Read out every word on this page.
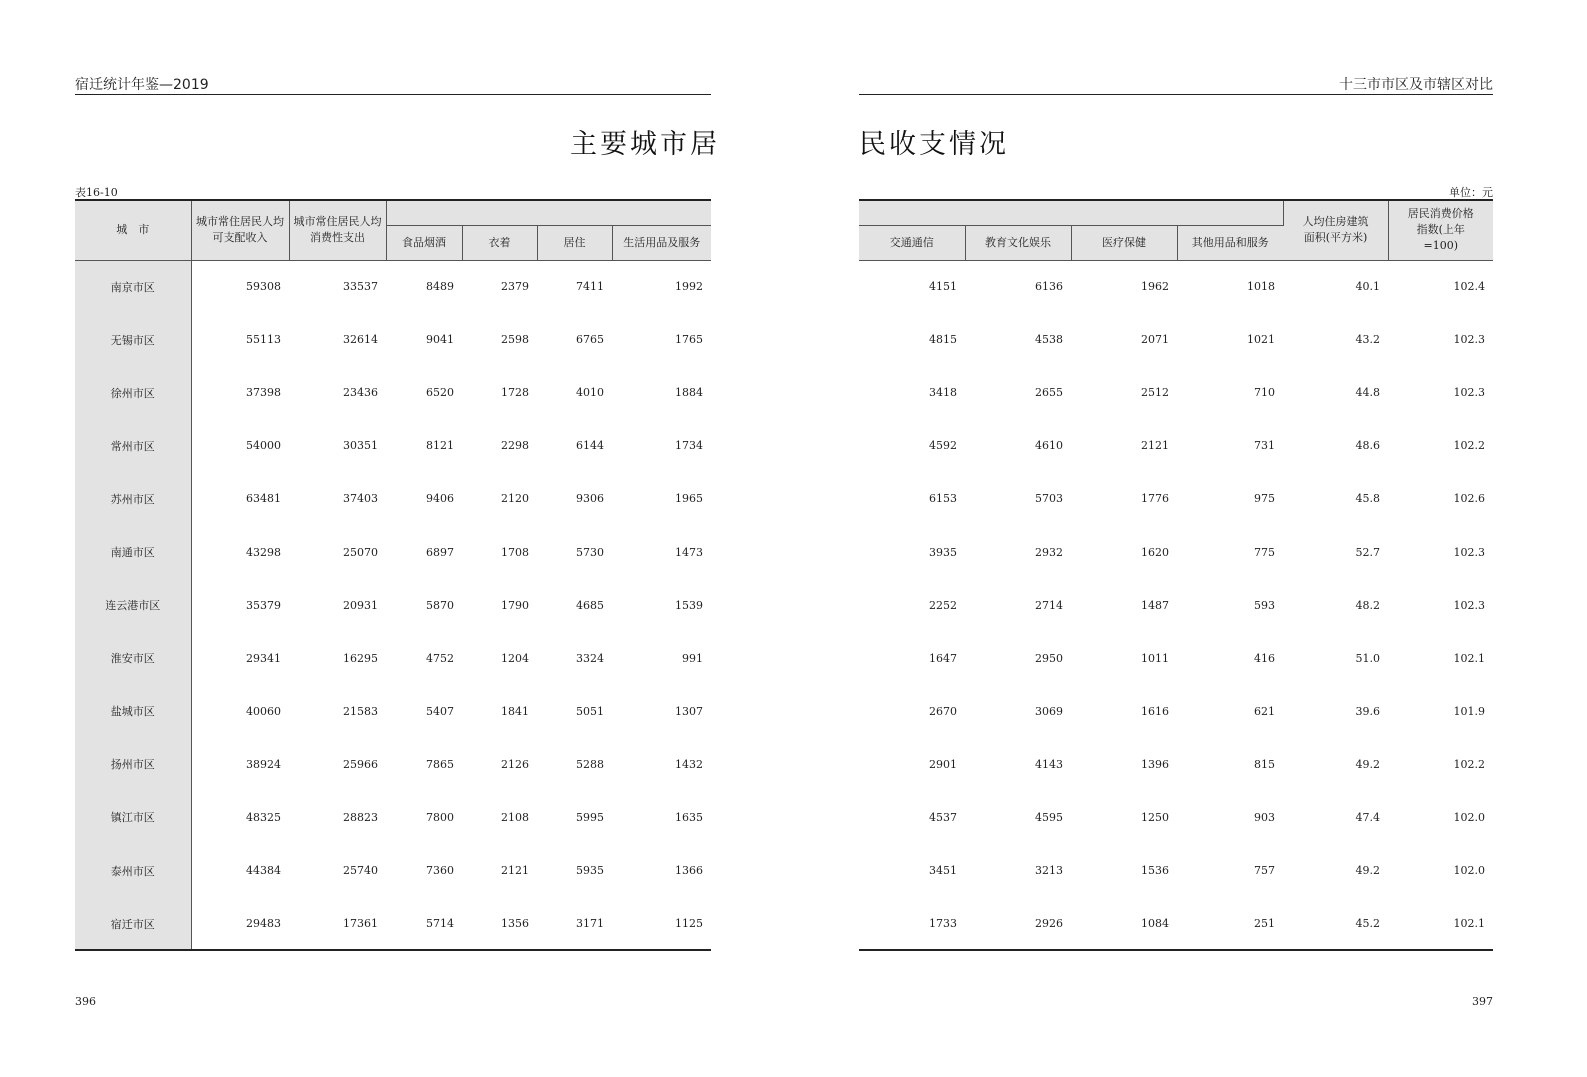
宿迁统计年鉴—2019
主要城市居
表16-10
城　市	城市常住居民人均可支配收入	城市常住居民人均消费性支出				
			食品烟酒	衣着	居住	生活用品及服务
南京市区	59308	33537	8489	2379	7411	1992
无锡市区	55113	32614	9041	2598	6765	1765
徐州市区	37398	23436	6520	1728	4010	1884
常州市区	54000	30351	8121	2298	6144	1734
苏州市区	63481	37403	9406	2120	9306	1965
南通市区	43298	25070	6897	1708	5730	1473
连云港市区	35379	20931	5870	1790	4685	1539
淮安市区	29341	16295	4752	1204	3324	991
盐城市区	40060	21583	5407	1841	5051	1307
扬州市区	38924	25966	7865	2126	5288	1432
镇江市区	48325	28823	7800	2108	5995	1635
泰州市区	44384	25740	7360	2121	5935	1366
宿迁市区	29483	17361	5714	1356	3171	1125
396
十三市市区及市辖区对比
民收支情况
单位：元
				人均住房建筑面积(平方米)	居民消费价格指数(上年=100)
交通通信	教育文化娱乐	医疗保健	其他用品和服务		
4151	6136	1962	1018	40.1	102.4
4815	4538	2071	1021	43.2	102.3
3418	2655	2512	710	44.8	102.3
4592	4610	2121	731	48.6	102.2
6153	5703	1776	975	45.8	102.6
3935	2932	1620	775	52.7	102.3
2252	2714	1487	593	48.2	102.3
1647	2950	1011	416	51.0	102.1
2670	3069	1616	621	39.6	101.9
2901	4143	1396	815	49.2	102.2
4537	4595	1250	903	47.4	102.0
3451	3213	1536	757	49.2	102.0
1733	2926	1084	251	45.2	102.1
397
